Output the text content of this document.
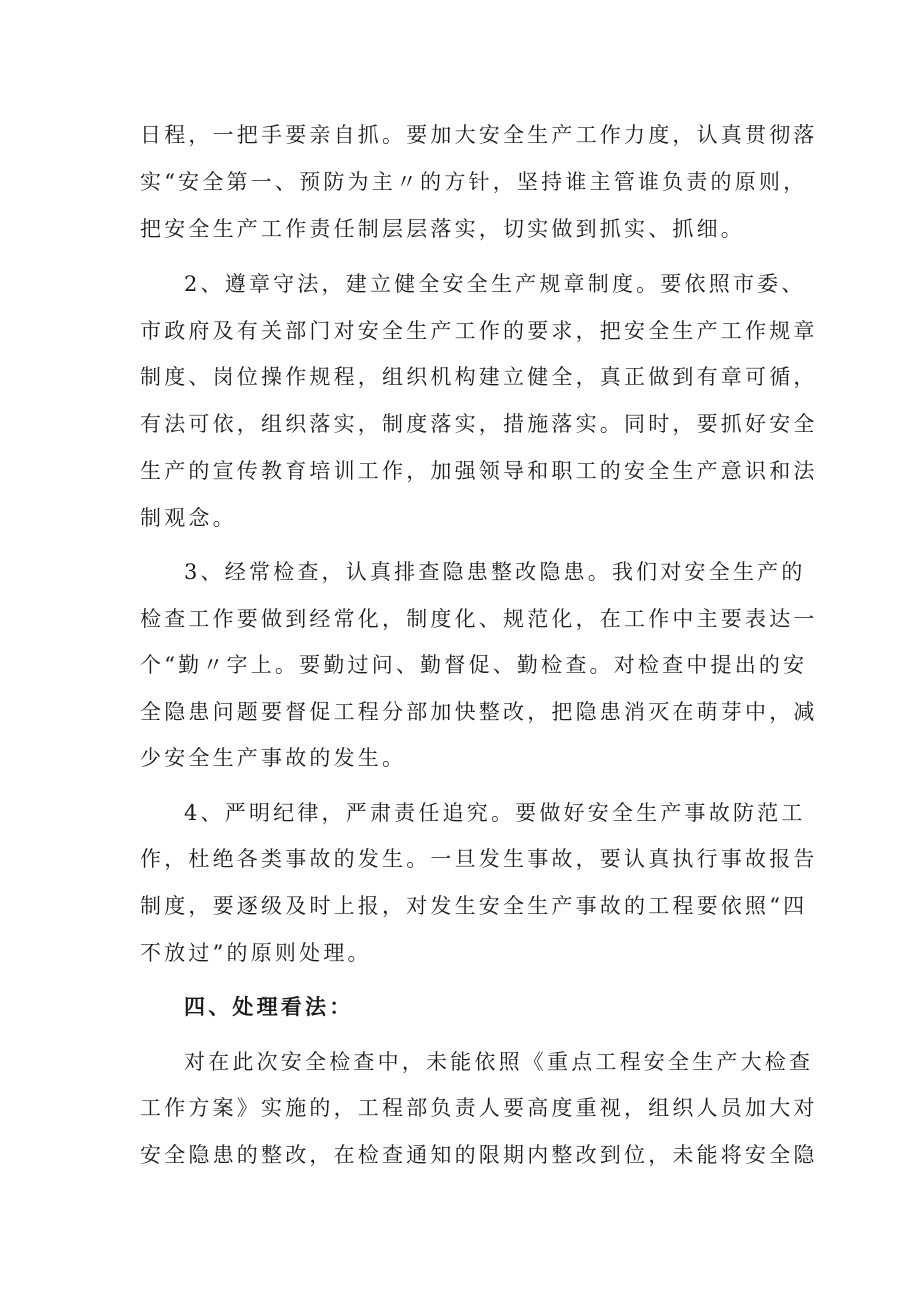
日程，一把手要亲自抓。要加大安全生产工作力度，认真贯彻落
实“安全第一、预防为主〃的方针，坚持谁主管谁负责的原则，
把安全生产工作责任制层层落实，切实做到抓实、抓细。
2、遵章守法，建立健全安全生产规章制度。要依照市委、
市政府及有关部门对安全生产工作的要求，把安全生产工作规章
制度、岗位操作规程，组织机构建立健全，真正做到有章可循，
有法可依，组织落实，制度落实，措施落实。同时，要抓好安全
生产的宣传教育培训工作，加强领导和职工的安全生产意识和法
制观念。
3、经常检查，认真排查隐患整改隐患。我们对安全生产的
检查工作要做到经常化，制度化、规范化，在工作中主要表达一
个“勤〃字上。要勤过问、勤督促、勤检查。对检查中提出的安
全隐患问题要督促工程分部加快整改，把隐患消灭在萌芽中，减
少安全生产事故的发生。
4、严明纪律，严肃责任追究。要做好安全生产事故防范工
作，杜绝各类事故的发生。一旦发生事故，要认真执行事故报告
制度，要逐级及时上报，对发生安全生产事故的工程要依照“四
不放过”的原则处理。
四、处理看法：
对在此次安全检查中，未能依照《重点工程安全生产大检查
工作方案》实施的，工程部负责人要高度重视，组织人员加大对
安全隐患的整改，在检查通知的限期内整改到位，未能将安全隐
